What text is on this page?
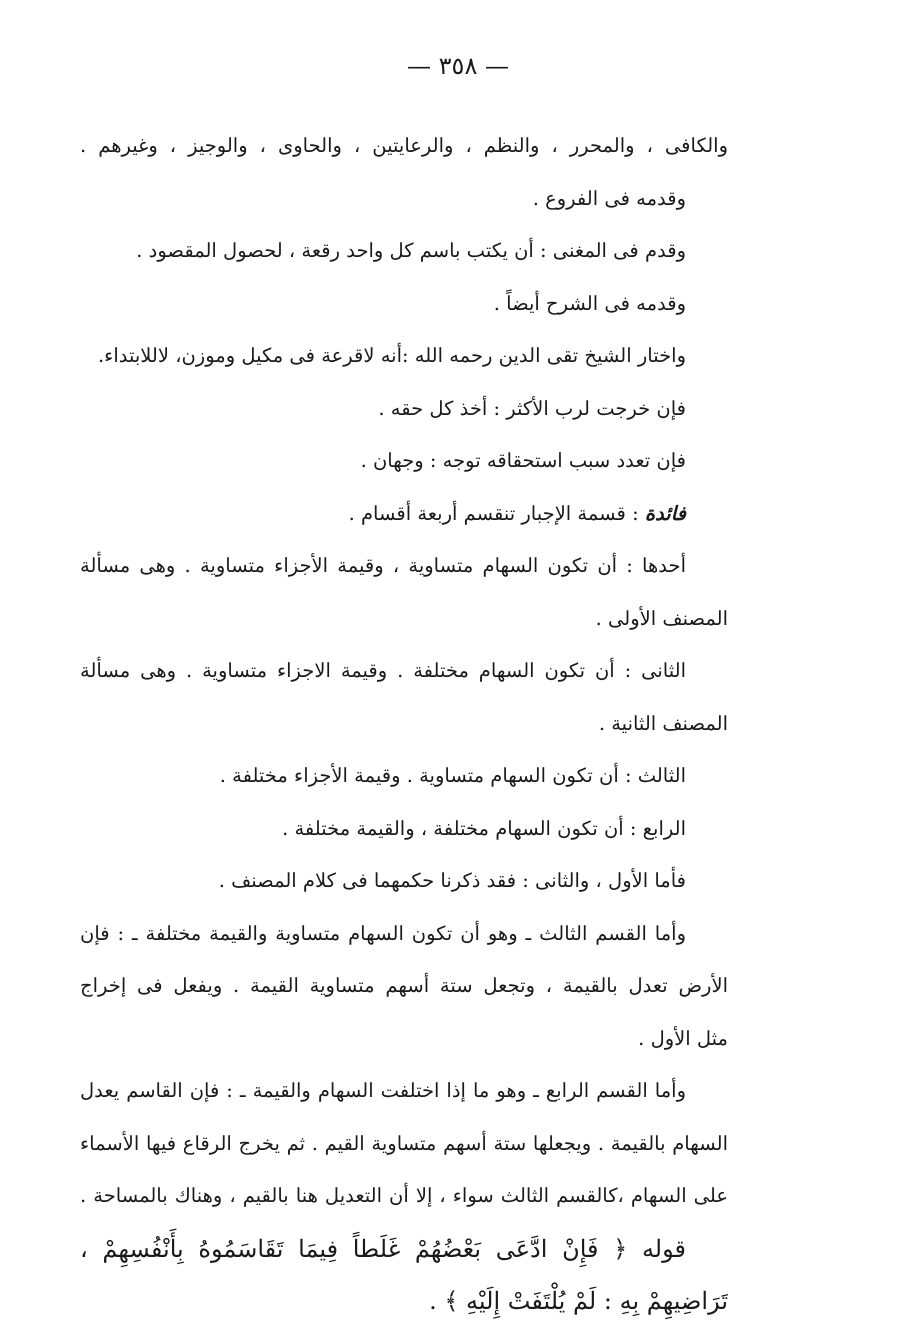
— ٣٥٨ —
والكافى ، والمحرر ، والنظم ، والرعايتين ، والحاوى ، والوجيز ، وغيرهم .
وقدمه فى الفروع .
وقدم فى المغنى : أن يكتب باسم كل واحد رقعة ، لحصول المقصود .
وقدمه فى الشرح أيضاً .
واختار الشيخ تقى الدين رحمه الله :أنه لاقرعة فى مكيل وموزن، لاللابتداء.
فإن خرجت لرب الأكثر : أخذ كل حقه .
فإن تعدد سبب استحقاقه توجه : وجهان .
فائدة : قسمة الإجبار تنقسم أربعة أقسام .
أحدها : أن تكون السهام متساوية ، وقيمة الأجزاء متساوية . وهى مسألة
المصنف الأولى .
الثانى : أن تكون السهام مختلفة . وقيمة الاجزاء متساوية . وهى مسألة
المصنف الثانية .
الثالث : أن تكون السهام متساوية . وقيمة الأجزاء مختلفة .
الرابع : أن تكون السهام مختلفة ، والقيمة مختلفة .
فأما الأول ، والثانى : فقد ذكرنا حكمهما فى كلام المصنف .
وأما القسم الثالث ـ وهو أن تكون السهام متساوية والقيمة مختلفة ـ : فإن
الأرض تعدل بالقيمة ، وتجعل ستة أسهم متساوية القيمة . ويفعل فى إخراج
مثل الأول .
وأما القسم الرابع ـ وهو ما إذا اختلفت السهام والقيمة ـ : فإن القاسم يعدل
السهام بالقيمة . ويجعلها ستة أسهم متساوية القيم . ثم يخرج الرقاع فيها الأسماء
على السهام ،كالقسم الثالث سواء ، إلا أن التعديل هنا بالقيم ، وهناك بالمساحة .
قوله ﴿ فَإِنْ ادَّعَى بَعْضُهُمْ غَلَطاً فِيمَا تَقَاسَمُوهُ بِأَنْفُسِهِمْ ،
تَرَاضِيهِمْ بِهِ : لَمْ يُلْتَفَتْ إِلَيْهِ ﴾ .
